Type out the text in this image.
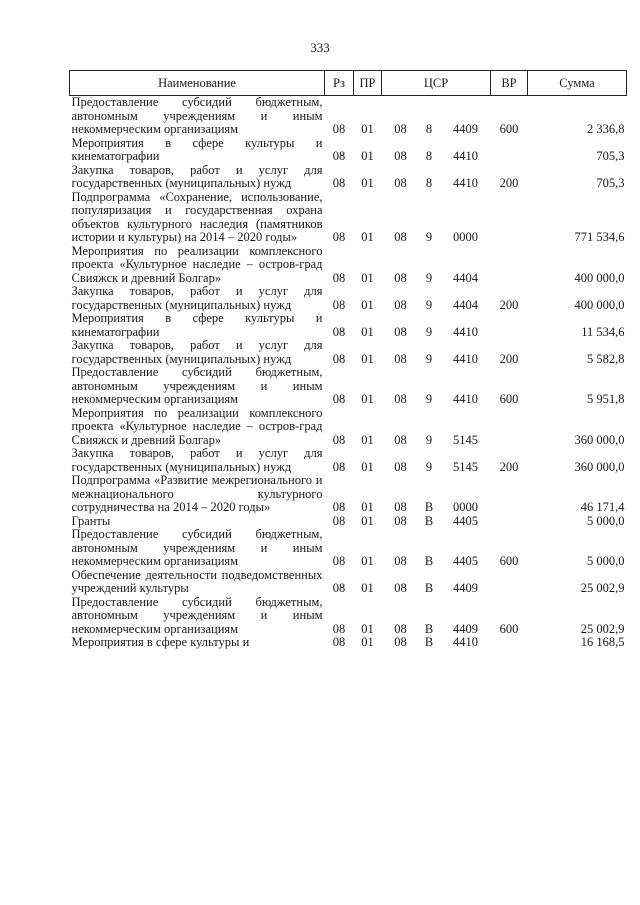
333
Наименование	Рз	ПР	ЦСР	ВР	Сумма
Предоставление субсидий бюджетным, автономным учреждениям и иным некоммерческим организациям	08	01	08 8 4409	600	2 336,8
Мероприятия в сфере культуры и кинематографии	08	01	08 8 4410		705,3
Закупка товаров, работ и услуг для государственных (муниципальных) нужд	08	01	08 8 4410	200	705,3
Подпрограмма «Сохранение, использование, популяризация и государственная охрана объектов культурного наследия (памятников истории и культуры) на 2014 – 2020 годы»	08	01	08 9 0000		771 534,6
Мероприятия по реализации комплексного проекта «Культурное наследие – остров-град Свияжск и древний Болгар»	08	01	08 9 4404		400 000,0
Закупка товаров, работ и услуг для государственных (муниципальных) нужд	08	01	08 9 4404	200	400 000,0
Мероприятия в сфере культуры и кинематографии	08	01	08 9 4410		11 534,6
Закупка товаров, работ и услуг для государственных (муниципальных) нужд	08	01	08 9 4410	200	5 582,8
Предоставление субсидий бюджетным, автономным учреждениям и иным некоммерческим организациям	08	01	08 9 4410	600	5 951,8
Мероприятия по реализации комплексного проекта «Культурное наследие – остров-град Свияжск и древний Болгар»	08	01	08 9 5145		360 000,0
Закупка товаров, работ и услуг для государственных (муниципальных) нужд	08	01	08 9 5145	200	360 000,0
Подпрограмма «Развитие межрегионального и межнационального культурного сотрудничества на 2014 – 2020 годы»	08	01	08 В 0000		46 171,4
Гранты	08	01	08 В 4405		5 000,0
Предоставление субсидий бюджетным, автономным учреждениям и иным некоммерческим организациям	08	01	08 В 4405	600	5 000,0
Обеспечение деятельности подведомственных учреждений культуры	08	01	08 В 4409		25 002,9
Предоставление субсидий бюджетным, автономным учреждениям и иным некоммерческим организациям	08	01	08 В 4409	600	25 002,9
Мероприятия в сфере культуры и	08	01	08 В 4410		16 168,5
